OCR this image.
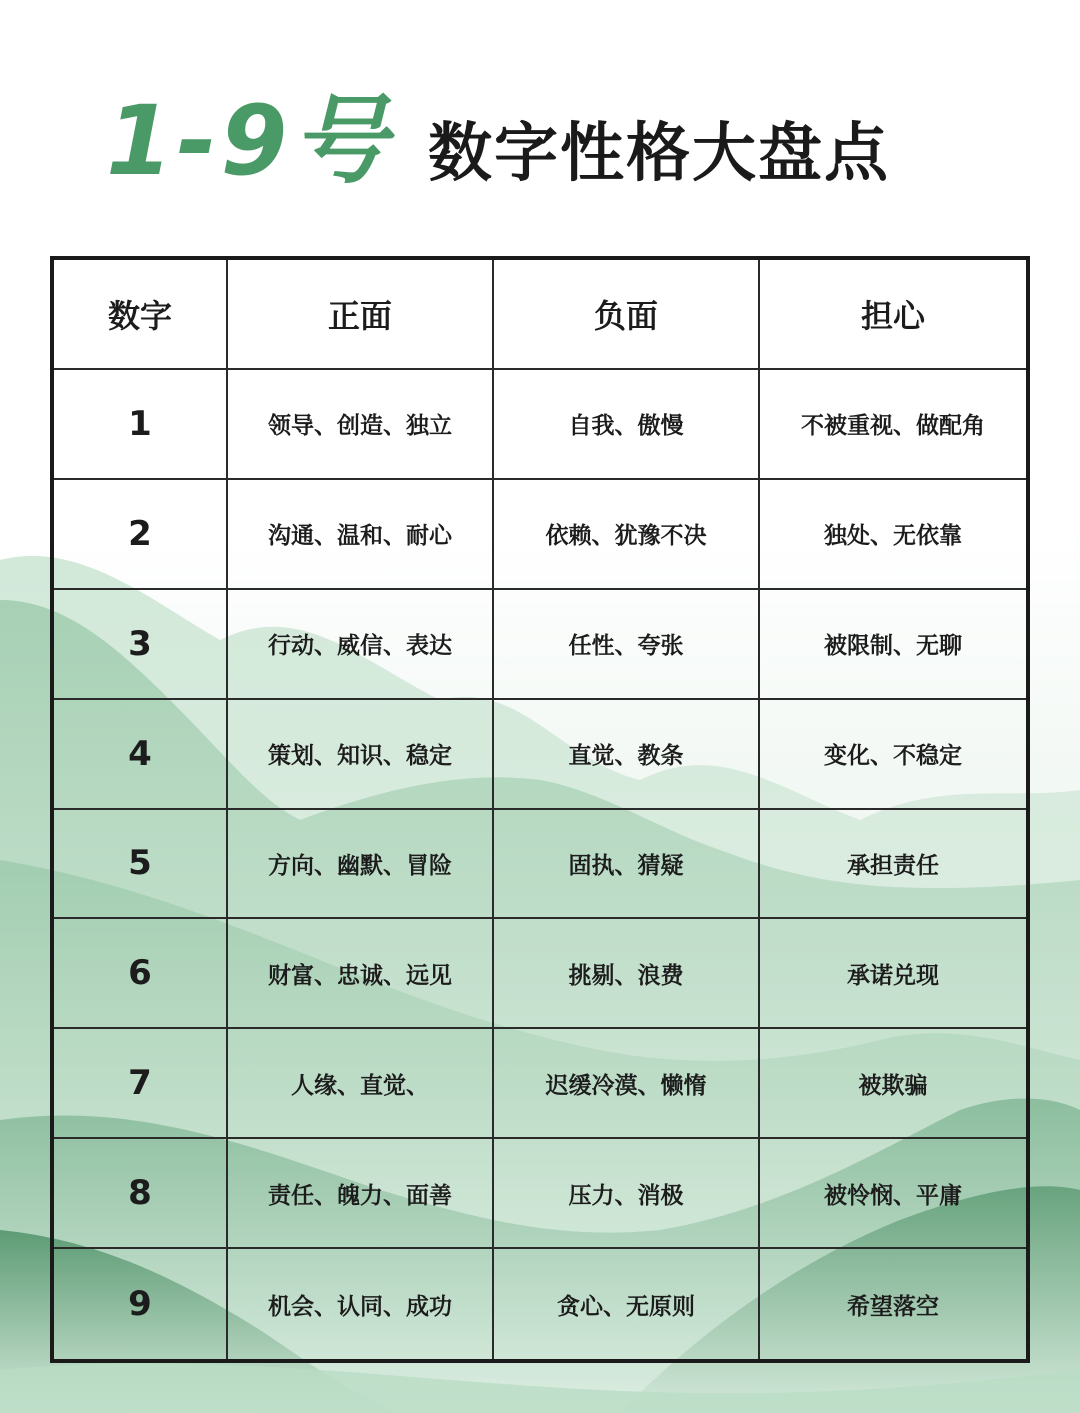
1-9号 数字性格大盘点
数字	正面	负面	担心
1	领导、创造、独立	自我、傲慢	不被重视、做配角
2	沟通、温和、耐心	依赖、犹豫不决	独处、无依靠
3	行动、威信、表达	任性、夸张	被限制、无聊
4	策划、知识、稳定	直觉、教条	变化、不稳定
5	方向、幽默、冒险	固执、猜疑	承担责任
6	财富、忠诚、远见	挑剔、浪费	承诺兑现
7	人缘、直觉、	迟缓冷漠、懒惰	被欺骗
8	责任、魄力、面善	压力、消极	被怜悯、平庸
9	机会、认同、成功	贪心、无原则	希望落空
